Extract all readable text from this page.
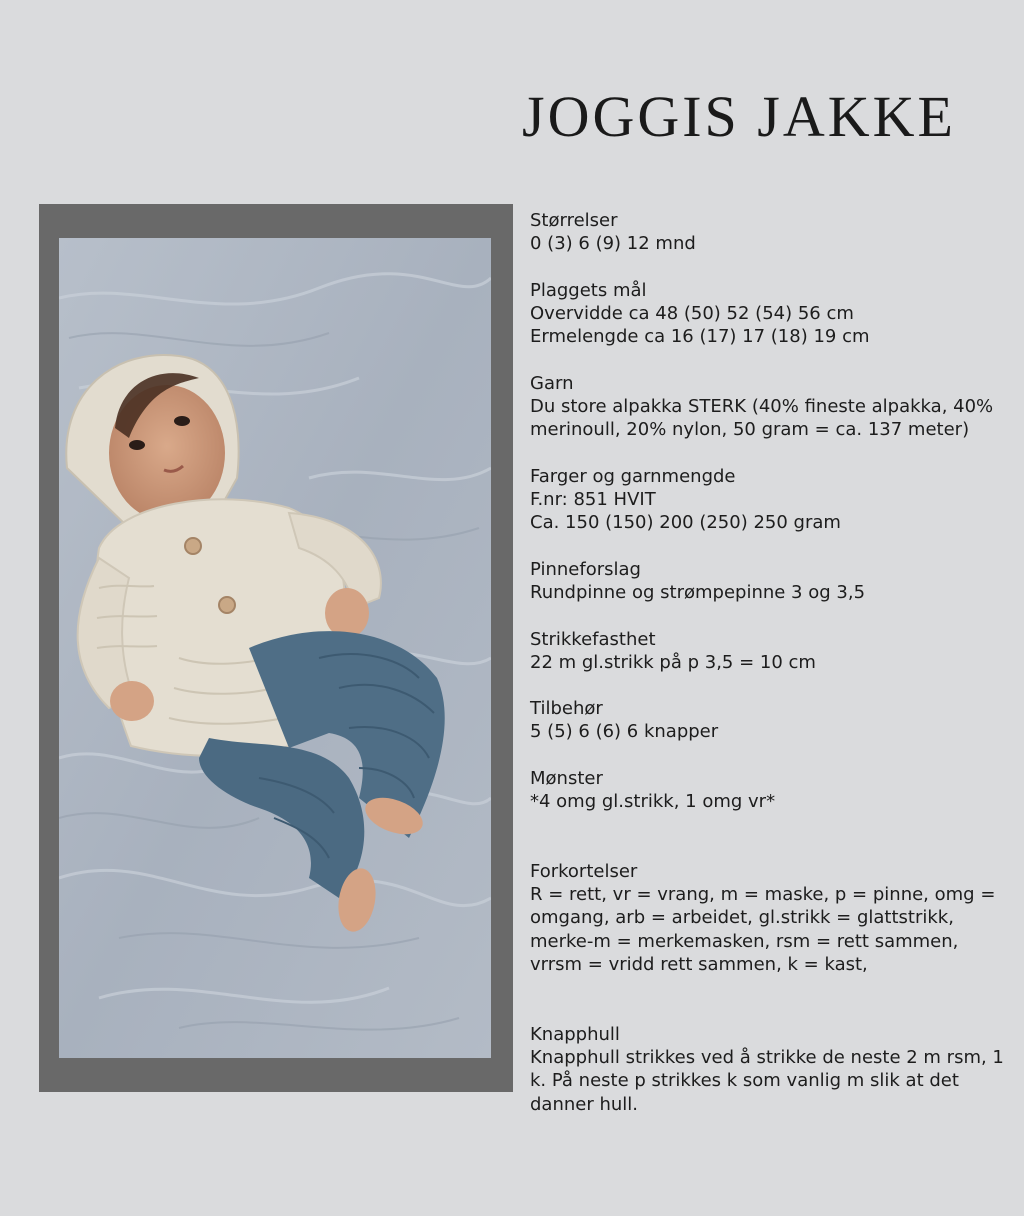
JOGGIS JAKKE
Størrelser
0 (3) 6 (9) 12 mnd
Plaggets mål
Overvidde ca 48 (50) 52 (54) 56 cm
Ermelengde ca 16 (17) 17 (18) 19 cm
Garn
Du store alpakka STERK (40% fineste alpakka, 40%
merinoull, 20% nylon, 50 gram = ca. 137 meter)
Farger og garnmengde
F.nr: 851 HVIT
Ca. 150 (150) 200 (250) 250 gram
Pinneforslag
Rundpinne og strømpepinne 3 og 3,5
Strikkefasthet
22 m gl.strikk på p 3,5 = 10 cm
Tilbehør
5 (5) 6 (6) 6 knapper
Mønster
*4 omg gl.strikk, 1 omg vr*
Forkortelser
R = rett, vr = vrang, m = maske, p = pinne, omg =
omgang, arb = arbeidet, gl.strikk = glattstrikk,
merke-m = merkemasken, rsm = rett sammen,
vrrsm = vridd rett sammen, k = kast,
Knapphull
Knapphull strikkes ved å strikke de neste 2 m rsm, 1
k. På neste p strikkes k som vanlig m slik at det
danner hull.
